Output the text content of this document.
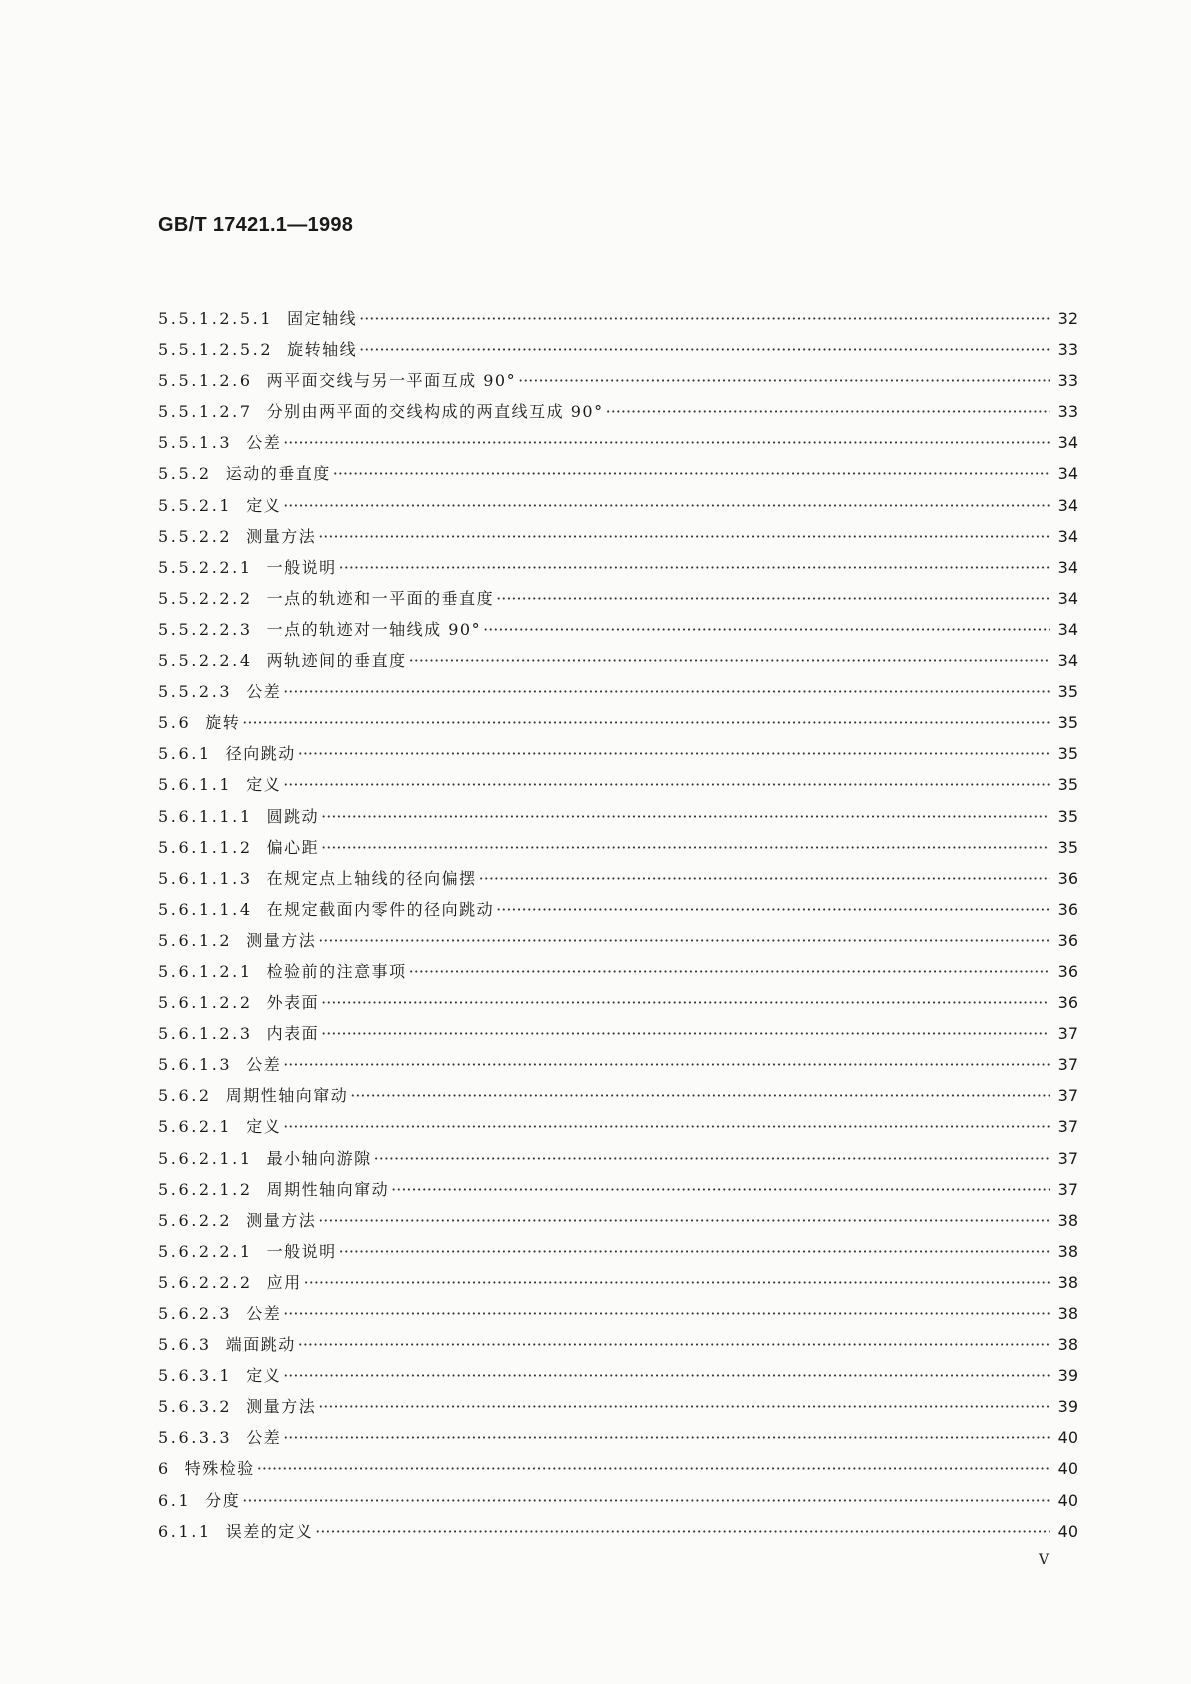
GB/T 17421.1—1998
5.5.1.2.5.1 固定轴线 ·····	32
5.5.1.2.5.2 旋转轴线 ·····	33
5.5.1.2.6 两平面交线与另一平面互成 90° ·····	33
5.5.1.2.7 分别由两平面的交线构成的两直线互成 90° ·····	33
5.5.1.3 公差 ·····	34
5.5.2 运动的垂直度 ·····	34
5.5.2.1 定义 ·····	34
5.5.2.2 测量方法 ·····	34
5.5.2.2.1 一般说明 ·····	34
5.5.2.2.2 一点的轨迹和一平面的垂直度 ·····	34
5.5.2.2.3 一点的轨迹对一轴线成 90° ·····	34
5.5.2.2.4 两轨迹间的垂直度 ·····	34
5.5.2.3 公差 ·····	35
5.6 旋转 ·····	35
5.6.1 径向跳动 ·····	35
5.6.1.1 定义 ·····	35
5.6.1.1.1 圆跳动 ·····	35
5.6.1.1.2 偏心距 ·····	35
5.6.1.1.3 在规定点上轴线的径向偏摆 ·····	36
5.6.1.1.4 在规定截面内零件的径向跳动 ·····	36
5.6.1.2 测量方法 ·····	36
5.6.1.2.1 检验前的注意事项 ·····	36
5.6.1.2.2 外表面 ·····	36
5.6.1.2.3 内表面 ·····	37
5.6.1.3 公差 ·····	37
5.6.2 周期性轴向窜动 ·····	37
5.6.2.1 定义 ·····	37
5.6.2.1.1 最小轴向游隙 ·····	37
5.6.2.1.2 周期性轴向窜动 ·····	37
5.6.2.2 测量方法 ·····	38
5.6.2.2.1 一般说明 ·····	38
5.6.2.2.2 应用 ·····	38
5.6.2.3 公差 ·····	38
5.6.3 端面跳动 ·····	38
5.6.3.1 定义 ·····	39
5.6.3.2 测量方法 ·····	39
5.6.3.3 公差 ·····	40
6 特殊检验 ·····	40
6.1 分度 ·····	40
6.1.1 误差的定义 ·····	40
V
